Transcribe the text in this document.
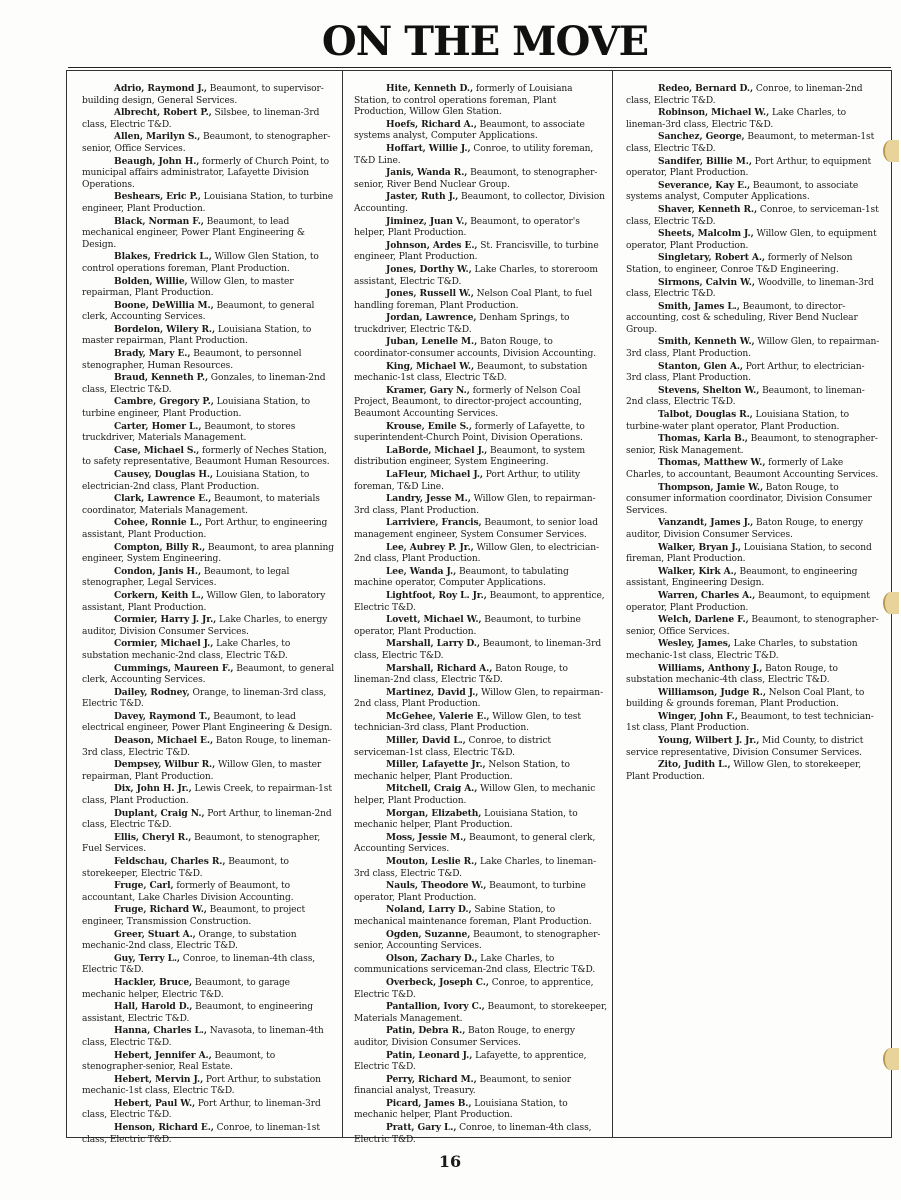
ON THE MOVE

Adrio, Raymond J., Beaumont, to supervisor-building design, General Services.

Albrecht, Robert P., Silsbee, to lineman-3rd class, Electric T&D.

Allen, Marilyn S., Beaumont, to stenographer-senior, Office Services.

Beaugh, John H., formerly of Church Point, to municipal affairs administrator, Lafayette Division Operations.

Beshears, Eric P., Louisiana Station, to turbine engineer, Plant Production.

Black, Norman F., Beaumont, to lead mechanical engineer, Power Plant Engineering & Design.

Blakes, Fredrick L., Willow Glen Station, to control operations foreman, Plant Production.

Bolden, Willie, Willow Glen, to master repairman, Plant Production.

Boone, DeWillia M., Beaumont, to general clerk, Accounting Services.

Bordelon, Wilery R., Louisiana Station, to master repairman, Plant Production.

Brady, Mary E., Beaumont, to personnel stenographer, Human Resources.

Braud, Kenneth P., Gonzales, to lineman-2nd class, Electric T&D.

Cambre, Gregory P., Louisiana Station, to turbine engineer, Plant Production.

Carter, Homer L., Beaumont, to stores truckdriver, Materials Management.

Case, Michael S., formerly of Neches Station, to safety representative, Beaumont Human Resources.

Causey, Douglas H., Louisiana Station, to electrician-2nd class, Plant Production.

Clark, Lawrence E., Beaumont, to materials coordinator, Materials Management.

Cohee, Ronnie L., Port Arthur, to engineering assistant, Plant Production.

Compton, Billy R., Beaumont, to area planning engineer, System Engineering.

Condon, Janis H., Beaumont, to legal stenographer, Legal Services.

Corkern, Keith L., Willow Glen, to laboratory assistant, Plant Production.

Cormier, Harry J. Jr., Lake Charles, to energy auditor, Division Consumer Services.

Cormier, Michael J., Lake Charles, to substation mechanic-2nd class, Electric T&D.

Cummings, Maureen F., Beaumont, to general clerk, Accounting Services.

Dailey, Rodney, Orange, to lineman-3rd class, Electric T&D.

Davey, Raymond T., Beaumont, to lead electrical engineer, Power Plant Engineering & Design.

Deason, Michael E., Baton Rouge, to lineman-3rd class, Electric T&D.

Dempsey, Wilbur R., Willow Glen, to master repairman, Plant Production.

Dix, John H. Jr., Lewis Creek, to repairman-1st class, Plant Production.

Duplant, Craig N., Port Arthur, to lineman-2nd class, Electric T&D.

Ellis, Cheryl R., Beaumont, to stenographer, Fuel Services.

Feldschau, Charles R., Beaumont, to storekeeper, Electric T&D.

Fruge, Carl, formerly of Beaumont, to accountant, Lake Charles Division Accounting.

Fruge, Richard W., Beaumont, to project engineer, Transmission Construction.

Greer, Stuart A., Orange, to substation mechanic-2nd class, Electric T&D.

Guy, Terry L., Conroe, to lineman-4th class, Electric T&D.

Hackler, Bruce, Beaumont, to garage mechanic helper, Electric T&D.

Hall, Harold D., Beaumont, to engineering assistant, Electric T&D.

Hanna, Charles L., Navasota, to lineman-4th class, Electric T&D.

Hebert, Jennifer A., Beaumont, to stenographer-senior, Real Estate.

Hebert, Mervin J., Port Arthur, to substation mechanic-1st class, Electric T&D.

Hebert, Paul W., Port Arthur, to lineman-3rd class, Electric T&D.

Henson, Richard E., Conroe, to lineman-1st class, Electric T&D.

Hite, Kenneth D., formerly of Louisiana Station, to control operations foreman, Plant Production, Willow Glen Station.

Hoefs, Richard A., Beaumont, to associate systems analyst, Computer Applications.

Hoffart, Willie J., Conroe, to utility foreman, T&D Line.

Janis, Wanda R., Beaumont, to stenographer-senior, River Bend Nuclear Group.

Jaster, Ruth J., Beaumont, to collector, Division Accounting.

Jiminez, Juan V., Beaumont, to operator's helper, Plant Production.

Johnson, Ardes E., St. Francisville, to turbine engineer, Plant Production.

Jones, Dorthy W., Lake Charles, to storeroom assistant, Electric T&D.

Jones, Russell W., Nelson Coal Plant, to fuel handling foreman, Plant Production.

Jordan, Lawrence, Denham Springs, to truckdriver, Electric T&D.

Juban, Lenelle M., Baton Rouge, to coordinator-consumer accounts, Division Accounting.

King, Michael W., Beaumont, to substation mechanic-1st class, Electric T&D.

Kramer, Gary N., formerly of Nelson Coal Project, Beaumont, to director-project accounting, Beaumont Accounting Services.

Krouse, Emile S., formerly of Lafayette, to superintendent-Church Point, Division Operations.

LaBorde, Michael J., Beaumont, to system distribution engineer, System Engineering.

LaFleur, Michael J., Port Arthur, to utility foreman, T&D Line.

Landry, Jesse M., Willow Glen, to repairman-3rd class, Plant Production.

Larriviere, Francis, Beaumont, to senior load management engineer, System Consumer Services.

Lee, Aubrey P. Jr., Willow Glen, to electrician-2nd class, Plant Production.

Lee, Wanda J., Beaumont, to tabulating machine operator, Computer Applications.

Lightfoot, Roy L. Jr., Beaumont, to apprentice, Electric T&D.

Lovett, Michael W., Beaumont, to turbine operator, Plant Production.

Marshall, Larry D., Beaumont, to lineman-3rd class, Electric T&D.

Marshall, Richard A., Baton Rouge, to lineman-2nd class, Electric T&D.

Martinez, David J., Willow Glen, to repairman-2nd class, Plant Production.

McGehee, Valerie E., Willow Glen, to test technician-3rd class, Plant Production.

Miller, David L., Conroe, to district serviceman-1st class, Electric T&D.

Miller, Lafayette Jr., Nelson Station, to mechanic helper, Plant Production.

Mitchell, Craig A., Willow Glen, to mechanic helper, Plant Production.

Morgan, Elizabeth, Louisiana Station, to mechanic helper, Plant Production.

Moss, Jessie M., Beaumont, to general clerk, Accounting Services.

Mouton, Leslie R., Lake Charles, to lineman-3rd class, Electric T&D.

Nauls, Theodore W., Beaumont, to turbine operator, Plant Production.

Noland, Larry D., Sabine Station, to mechanical maintenance foreman, Plant Production.

Ogden, Suzanne, Beaumont, to stenographer-senior, Accounting Services.

Olson, Zachary D., Lake Charles, to communications serviceman-2nd class, Electric T&D.

Overbeck, Joseph C., Conroe, to apprentice, Electric T&D.

Pantallion, Ivory C., Beaumont, to storekeeper, Materials Management.

Patin, Debra R., Baton Rouge, to energy auditor, Division Consumer Services.

Patin, Leonard J., Lafayette, to apprentice, Electric T&D.

Perry, Richard M., Beaumont, to senior financial analyst, Treasury.

Picard, James B., Louisiana Station, to mechanic helper, Plant Production.

Pratt, Gary L., Conroe, to lineman-4th class, Electric T&D.

Redeo, Bernard D., Conroe, to lineman-2nd class, Electric T&D.

Robinson, Michael W., Lake Charles, to lineman-3rd class, Electric T&D.

Sanchez, George, Beaumont, to meterman-1st class, Electric T&D.

Sandifer, Billie M., Port Arthur, to equipment operator, Plant Production.

Severance, Kay E., Beaumont, to associate systems analyst, Computer Applications.

Shaver, Kenneth R., Conroe, to serviceman-1st class, Electric T&D.

Sheets, Malcolm J., Willow Glen, to equipment operator, Plant Production.

Singletary, Robert A., formerly of Nelson Station, to engineer, Conroe T&D Engineering.

Sirmons, Calvin W., Woodville, to lineman-3rd class, Electric T&D.

Smith, James L., Beaumont, to director-accounting, cost & scheduling, River Bend Nuclear Group.

Smith, Kenneth W., Willow Glen, to repairman-3rd class, Plant Production.

Stanton, Glen A., Port Arthur, to electrician-3rd class, Plant Production.

Stevens, Shelton W., Beaumont, to lineman-2nd class, Electric T&D.

Talbot, Douglas R., Louisiana Station, to turbine-water plant operator, Plant Production.

Thomas, Karla B., Beaumont, to stenographer-senior, Risk Management.

Thomas, Matthew W., formerly of Lake Charles, to accountant, Beaumont Accounting Services.

Thompson, Jamie W., Baton Rouge, to consumer information coordinator, Division Consumer Services.

Vanzandt, James J., Baton Rouge, to energy auditor, Division Consumer Services.

Walker, Bryan J., Louisiana Station, to second fireman, Plant Production.

Walker, Kirk A., Beaumont, to engineering assistant, Engineering Design.

Warren, Charles A., Beaumont, to equipment operator, Plant Production.

Welch, Darlene F., Beaumont, to stenographer-senior, Office Services.

Wesley, James, Lake Charles, to substation mechanic-1st class, Electric T&D.

Williams, Anthony J., Baton Rouge, to substation mechanic-4th class, Electric T&D.

Williamson, Judge R., Nelson Coal Plant, to building & grounds foreman, Plant Production.

Winger, John F., Beaumont, to test technician-1st class, Plant Production.

Young, Wilbert J. Jr., Mid County, to district service representative, Division Consumer Services.

Zito, Judith L., Willow Glen, to storekeeper, Plant Production.

16
